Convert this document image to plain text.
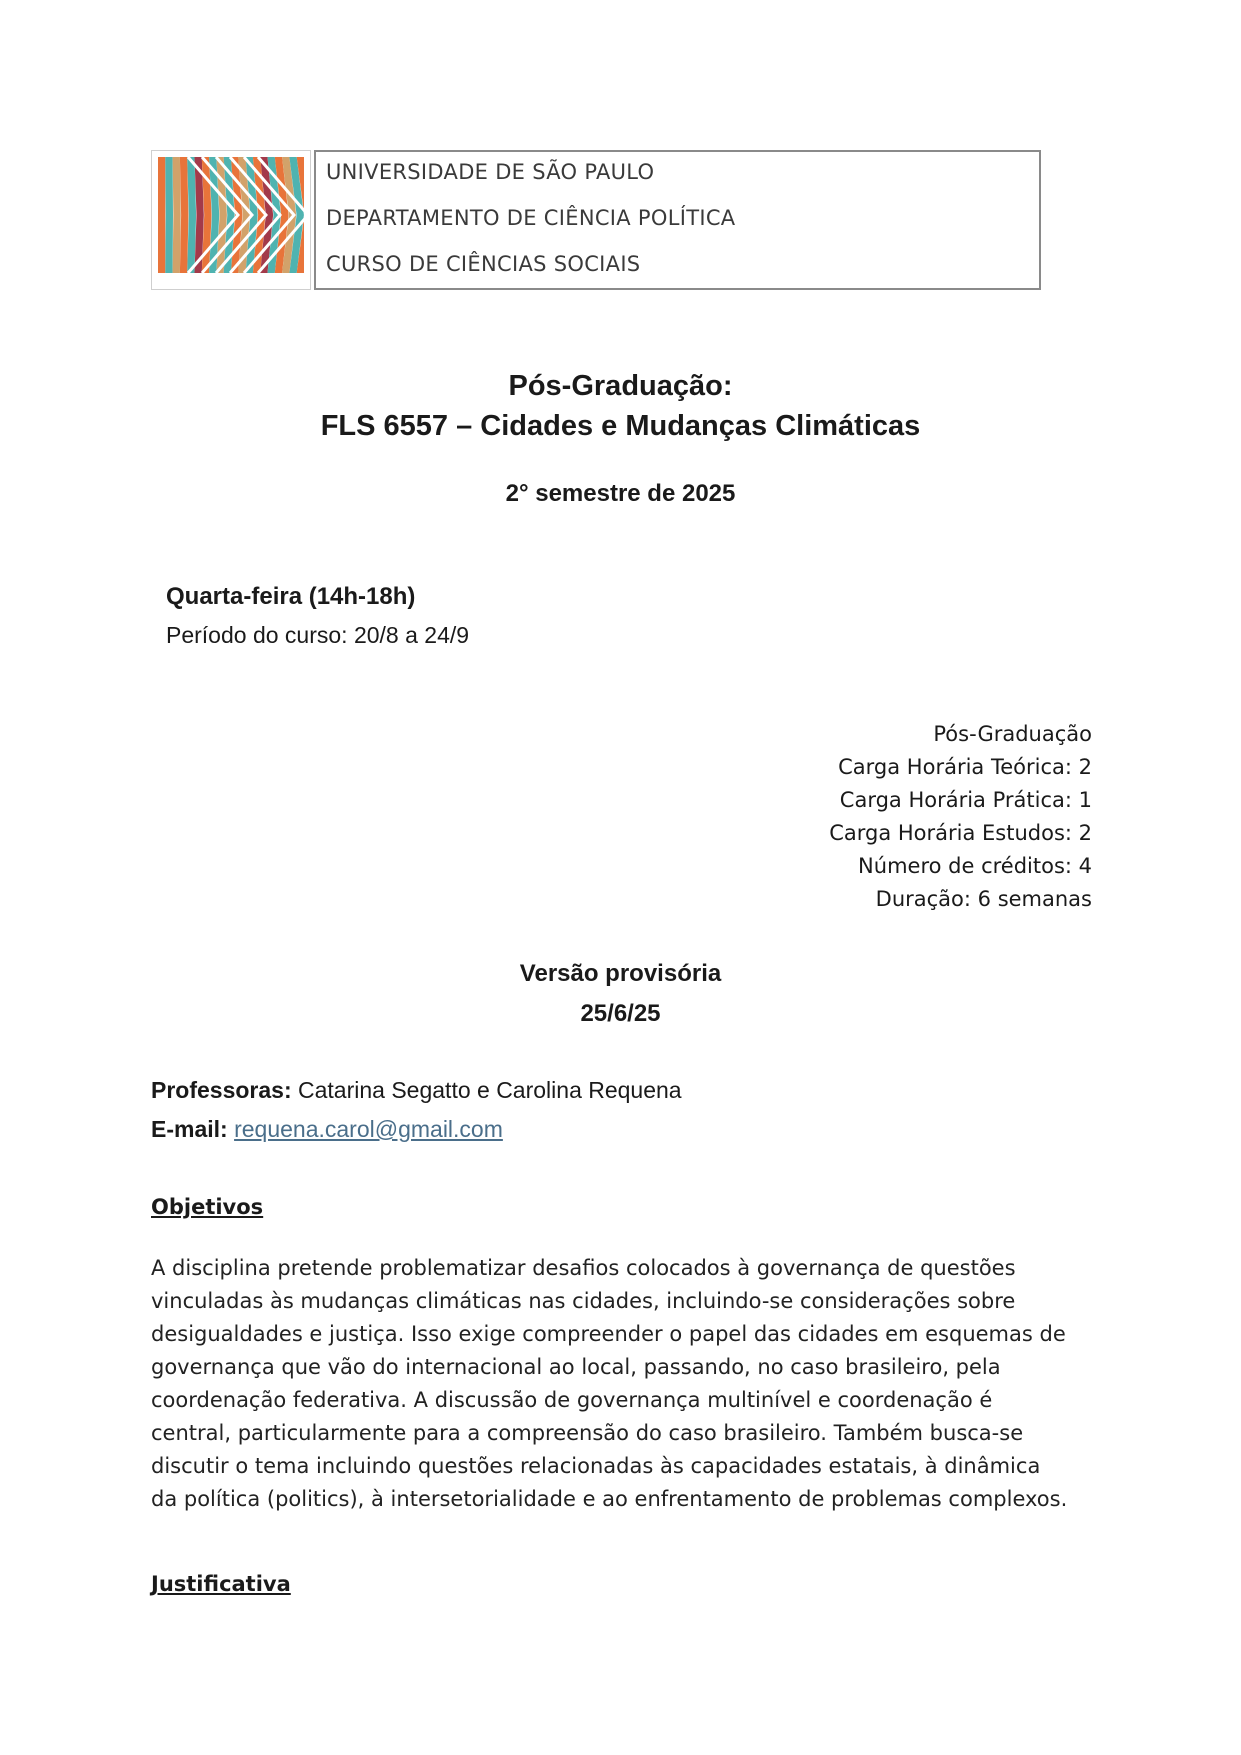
UNIVERSIDADE DE SÃO PAULO
DEPARTAMENTO DE CIÊNCIA POLÍTICA
CURSO DE CIÊNCIAS SOCIAIS
Pós-Graduação:
FLS 6557 – Cidades e Mudanças Climáticas
2° semestre de 2025
Quarta-feira (14h-18h)
Período do curso: 20/8 a 24/9
Pós-Graduação
Carga Horária Teórica: 2
Carga Horária Prática: 1
Carga Horária Estudos: 2
Número de créditos: 4
Duração: 6 semanas
Versão provisória
25/6/25
Professoras: Catarina Segatto e Carolina Requena
E-mail: requena.carol@gmail.com
Objetivos
A disciplina pretende problematizar desafios colocados à governança de questões
vinculadas às mudanças climáticas nas cidades, incluindo-se considerações sobre
desigualdades e justiça. Isso exige compreender o papel das cidades em esquemas de
governança que vão do internacional ao local, passando, no caso brasileiro, pela
coordenação federativa. A discussão de governança multinível e coordenação é
central, particularmente para a compreensão do caso brasileiro. Também busca-se
discutir o tema incluindo questões relacionadas às capacidades estatais, à dinâmica
da política (politics), à intersetorialidade e ao enfrentamento de problemas complexos.
Justificativa
